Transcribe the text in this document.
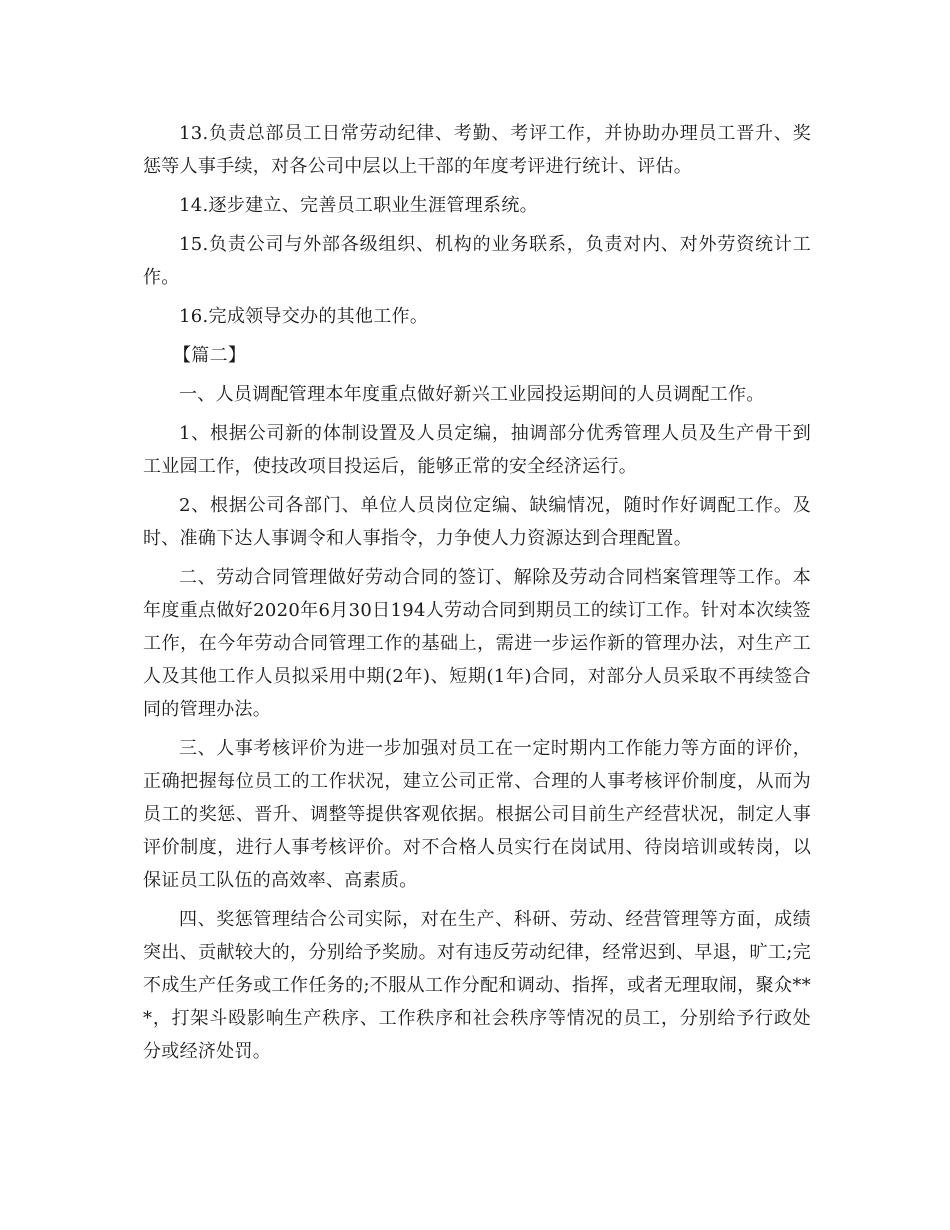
13.负责总部员工日常劳动纪律、考勤、考评工作，并协助办理员工晋升、奖惩等人事手续，对各公司中层以上干部的年度考评进行统计、评估。

14.逐步建立、完善员工职业生涯管理系统。

15.负责公司与外部各级组织、机构的业务联系，负责对内、对外劳资统计工作。

16.完成领导交办的其他工作。

【篇二】

一、人员调配管理本年度重点做好新兴工业园投运期间的人员调配工作。

1、根据公司新的体制设置及人员定编，抽调部分优秀管理人员及生产骨干到工业园工作，使技改项目投运后，能够正常的安全经济运行。

2、根据公司各部门、单位人员岗位定编、缺编情况，随时作好调配工作。及时、准确下达人事调令和人事指令，力争使人力资源达到合理配置。

二、劳动合同管理做好劳动合同的签订、解除及劳动合同档案管理等工作。本年度重点做好2020年6月30日194人劳动合同到期员工的续订工作。针对本次续签工作，在今年劳动合同管理工作的基础上，需进一步运作新的管理办法，对生产工人及其他工作人员拟采用中期(2年)、短期(1年)合同，对部分人员采取不再续签合同的管理办法。

三、人事考核评价为进一步加强对员工在一定时期内工作能力等方面的评价，正确把握每位员工的工作状况，建立公司正常、合理的人事考核评价制度，从而为员工的奖惩、晋升、调整等提供客观依据。根据公司目前生产经营状况，制定人事评价制度，进行人事考核评价。对不合格人员实行在岗试用、待岗培训或转岗，以保证员工队伍的高效率、高素质。

四、奖惩管理结合公司实际，对在生产、科研、劳动、经营管理等方面，成绩突出、贡献较大的，分别给予奖励。对有违反劳动纪律，经常迟到、早退，旷工;完不成生产任务或工作任务的;不服从工作分配和调动、指挥，或者无理取闹，聚众***，打架斗殴影响生产秩序、工作秩序和社会秩序等情况的员工，分别给予行政处分或经济处罚。
